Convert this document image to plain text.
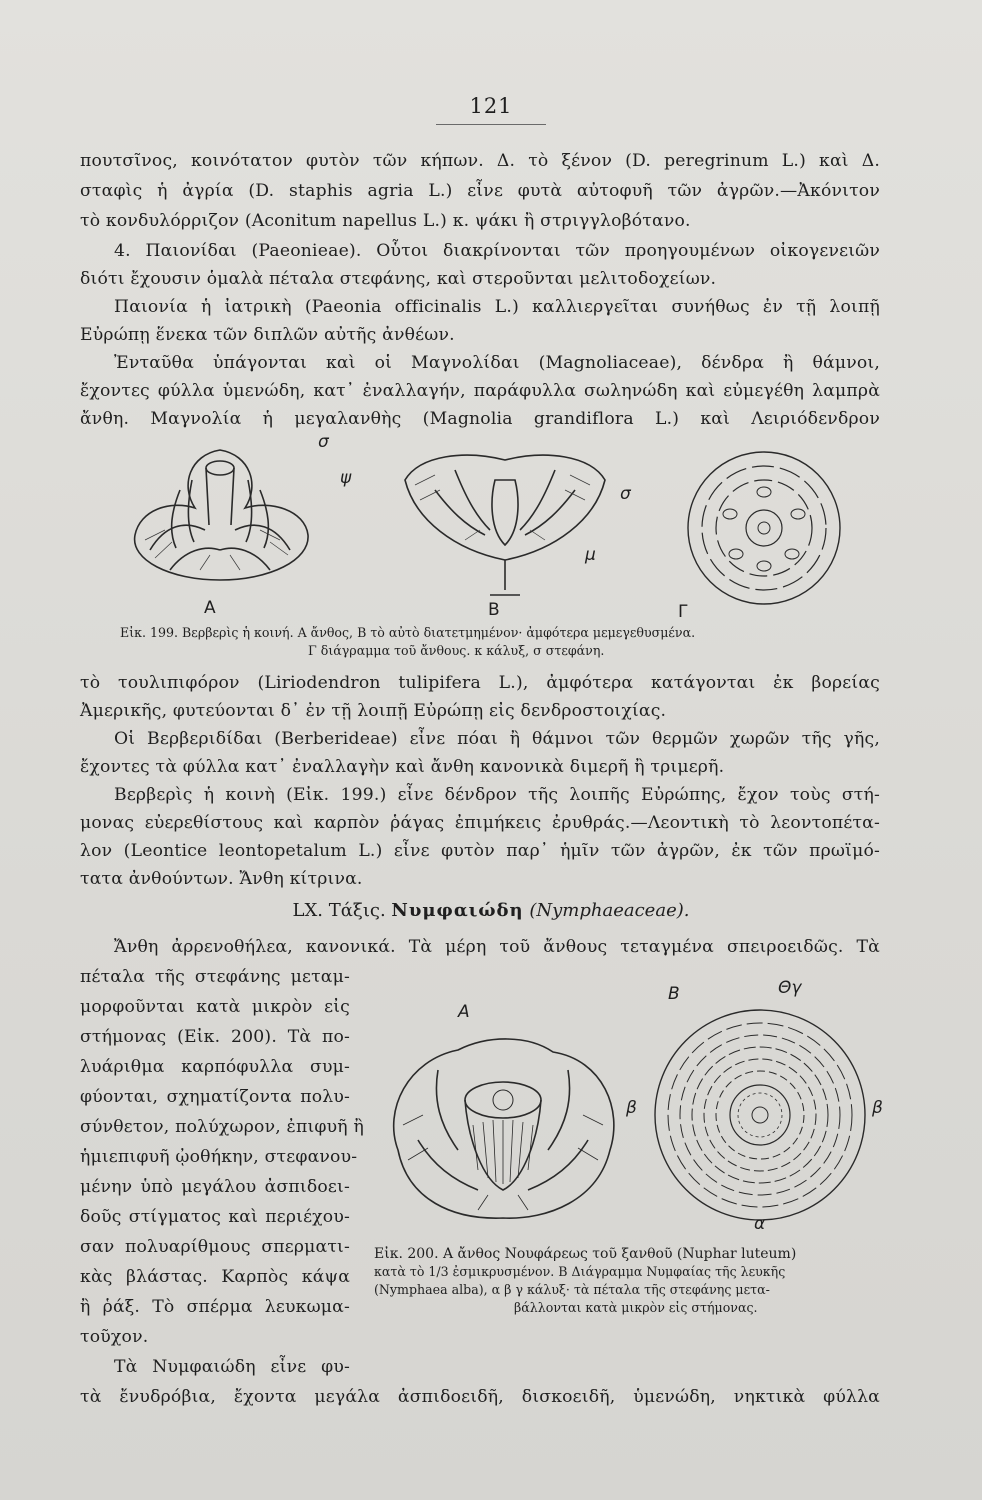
121
πουτσῖνος, κοινότατον φυτὸν τῶν κήπων. Δ. τὸ ξένον (D. peregrinum L.) καὶ Δ.
σταφὶς ἡ ἀγρία (D. staphis agria L.) εἶνε φυτὰ αὐτοφυῆ τῶν ἀγρῶν.—Ἀκόνιτον
τὸ κονδυλόρριζον (Aconitum napellus L.) κ. ψάκι ἢ στριγγλοβότανο.
4. Παιονίδαι (Paeonieae). Οὗτοι διακρίνονται τῶν προηγουμένων οἰκογενειῶν
διότι ἔχουσιν ὁμαλὰ πέταλα στεφάνης, καὶ στεροῦνται μελιτοδοχείων.
Παιονία ἡ ἰατρικὴ (Paeonia officinalis L.) καλλιεργεῖται συνήθως ἐν τῇ λοιπῇ
Εὐρώπῃ ἕνεκα τῶν διπλῶν αὐτῆς ἀνθέων.
Ἐνταῦθα ὑπάγονται καὶ οἱ Μαγνολίδαι (Magnoliaceae), δένδρα ἢ θάμνοι,
ἔχοντες φύλλα ὑμενώδη, κατ᾽ ἐναλλαγήν, παράφυλλα σωληνώδη καὶ εὐμεγέθη λαμπρὰ
ἄνθη. Μαγνολία ἡ μεγαλανθὴς (Magnolia grandiflora L.) καὶ Λειριόδενδρον
Α
σ
ψ
Β
σ
μ
Γ
Εἰκ. 199. Βερβερὶς ἡ κοινή. Α ἄνθος, Β τὸ αὐτὸ διατετμημένον· ἀμφότερα μεμεγεθυσμένα.
Γ διάγραμμα τοῦ ἄνθους. κ κάλυξ, σ στεφάνη.
τὸ τουλιπιφόρον (Liriodendron tulipifera L.), ἀμφότερα κατάγονται ἐκ βορείας
Ἀμερικῆς, φυτεύονται δ᾽ ἐν τῇ λοιπῇ Εὐρώπῃ εἰς δενδροστοιχίας.
Οἱ Βερβεριδίδαι (Berberideae) εἶνε πόαι ἢ θάμνοι τῶν θερμῶν χωρῶν τῆς γῆς,
ἔχοντες τὰ φύλλα κατ᾽ ἐναλλαγὴν καὶ ἄνθη κανονικὰ διμερῆ ἢ τριμερῆ.
Βερβερὶς ἡ κοινὴ (Εἰκ. 199.) εἶνε δένδρον τῆς λοιπῆς Εὐρώπης, ἔχον τοὺς στή-
μονας εὐερεθίστους καὶ καρπὸν ῥάγας ἐπιμήκεις ἐρυθράς.—Λεοντικὴ τὸ λεοντοπέτα-
λον (Leontice leontopetalum L.) εἶνε φυτὸν παρ᾽ ἡμῖν τῶν ἀγρῶν, ἐκ τῶν πρωϊμό-
τατα ἀνθούντων. Ἄνθη κίτρινα.
LX. Τάξις. Νυμφαιώδη (Nymphaeaceae).
Ἄνθη ἀρρενοθήλεα, κανονικά. Τὰ μέρη τοῦ ἄνθους τεταγμένα σπειροειδῶς. Τὰ
πέταλα τῆς στεφάνης μεταμ-
μορφοῦνται κατὰ μικρὸν εἰς
στήμονας (Εἰκ. 200). Τὰ πο-
λυάριθμα καρπόφυλλα συμ-
φύονται, σχηματίζοντα πολυ-
σύνθετον, πολύχωρον, ἐπιφυῆ ἢ
ἡμιεπιφυῆ ᾠοθήκην, στεφανου-
μένην ὑπὸ μεγάλου ἀσπιδοει-
δοῦς στίγματος καὶ περιέχου-
σαν πολυαρίθμους σπερματι-
κὰς βλάστας. Καρπὸς κάψα
ἢ ῥάξ. Τὸ σπέρμα λευκωμα-
τοῦχον.
Τὰ Νυμφαιώδη εἶνε φυ-
Α
Β	Θγ
β	β
α
Εἰκ. 200. Α ἄνθος Νουφάρεως τοῦ ξανθοῦ (Nuphar luteum)
κατὰ τὸ 1/3 ἐσμικρυσμένον. Β Διάγραμμα Νυμφαίας τῆς λευκῆς
(Nymphaea alba), α β γ κάλυξ· τὰ πέταλα τῆς στεφάνης μετα-
βάλλονται κατὰ μικρὸν εἰς στήμονας.
τὰ ἔνυδρόβια, ἔχοντα μεγάλα ἀσπιδοειδῆ, δισκοειδῆ, ὑμενώδη, νηκτικὰ φύλλα
